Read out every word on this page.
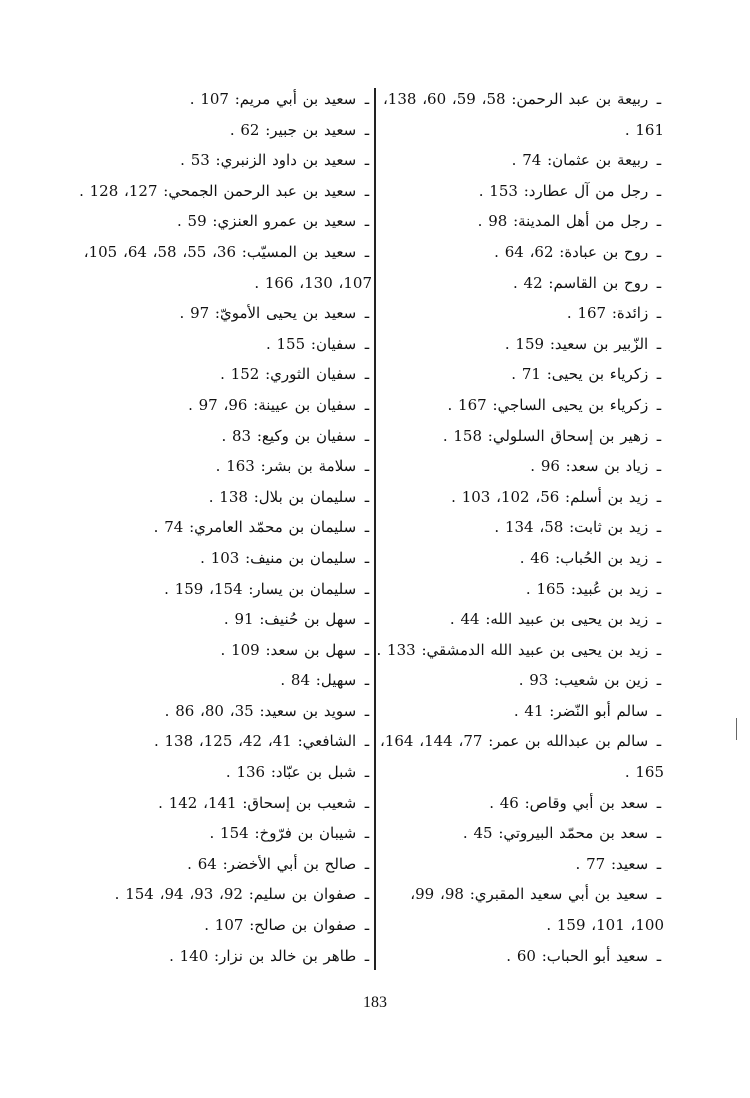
ـ ربيعة بن عبد الرحمن: 58، 59، 60، 138، 161 .

ـ ربيعة بن عثمان: 74 .

ـ رجل من آل عطارد: 153 .

ـ رجل من أهل المدينة: 98 .

ـ روح بن عبادة: 62، 64 .

ـ روح بن القاسم: 42 .

ـ زائدة: 167 .

ـ الزّبير بن سعيد: 159 .

ـ زكرياء بن يحيى: 71 .

ـ زكرياء بن يحيى الساجي: 167 .

ـ زهير بن إسحاق السلولي: 158 .

ـ زياد بن سعد: 96 .

ـ زيد بن أسلم: 56، 102، 103 .

ـ زيد بن ثابت: 58، 134 .

ـ زيد بن الحُباب: 46 .

ـ زيد بن عُبيد: 165 .

ـ زيد بن يحيى بن عبيد الله: 44 .

ـ زيد بن يحيى بن عبيد الله الدمشقي: 133 .

ـ زين بن شعيب: 93 .

ـ سالم أبو النّضر: 41 .

ـ سالم بن عبدالله بن عمر: 77، 144، 164، 165 .

ـ سعد بن أبي وقاص: 46 .

ـ سعد بن محمّد البيروتي: 45 .

ـ سعيد: 77 .

ـ سعيد بن أبي سعيد المقبري: 98، 99، 100، 101، 159 .

ـ سعيد أبو الحباب: 60 .

ـ سعيد بن أبي مريم: 107 .

ـ سعيد بن جبير: 62 .

ـ سعيد بن داود الزنبري: 53 .

ـ سعيد بن عبد الرحمن الجمحي: 127، 128 .

ـ سعيد بن عمرو العنزي: 59 .

ـ سعيد بن المسيّب: 36، 55، 58، 64، 105، 107، 130، 166 .

ـ سعيد بن يحيى الأمويّ: 97 .

ـ سفيان: 155 .

ـ سفيان الثوري: 152 .

ـ سفيان بن عيينة: 96، 97 .

ـ سفيان بن وكيع: 83 .

ـ سلامة بن بشر: 163 .

ـ سليمان بن بلال: 138 .

ـ سليمان بن محمّد العامري: 74 .

ـ سليمان بن منيف: 103 .

ـ سليمان بن يسار: 154، 159 .

ـ سهل بن حُنيف: 91 .

ـ سهل بن سعد: 109 .

ـ سهيل: 84 .

ـ سويد بن سعيد: 35، 80، 86 .

ـ الشافعي: 41، 42، 125، 138 .

ـ شبل بن عبّاد: 136 .

ـ شعيب بن إسحاق: 141، 142 .

ـ شيبان بن فرّوخ: 154 .

ـ صالح بن أبي الأخضر: 64 .

ـ صفوان بن سليم: 92، 93، 94، 154 .

ـ صفوان بن صالح: 107 .

ـ طاهر بن خالد بن نزار: 140 .

183
